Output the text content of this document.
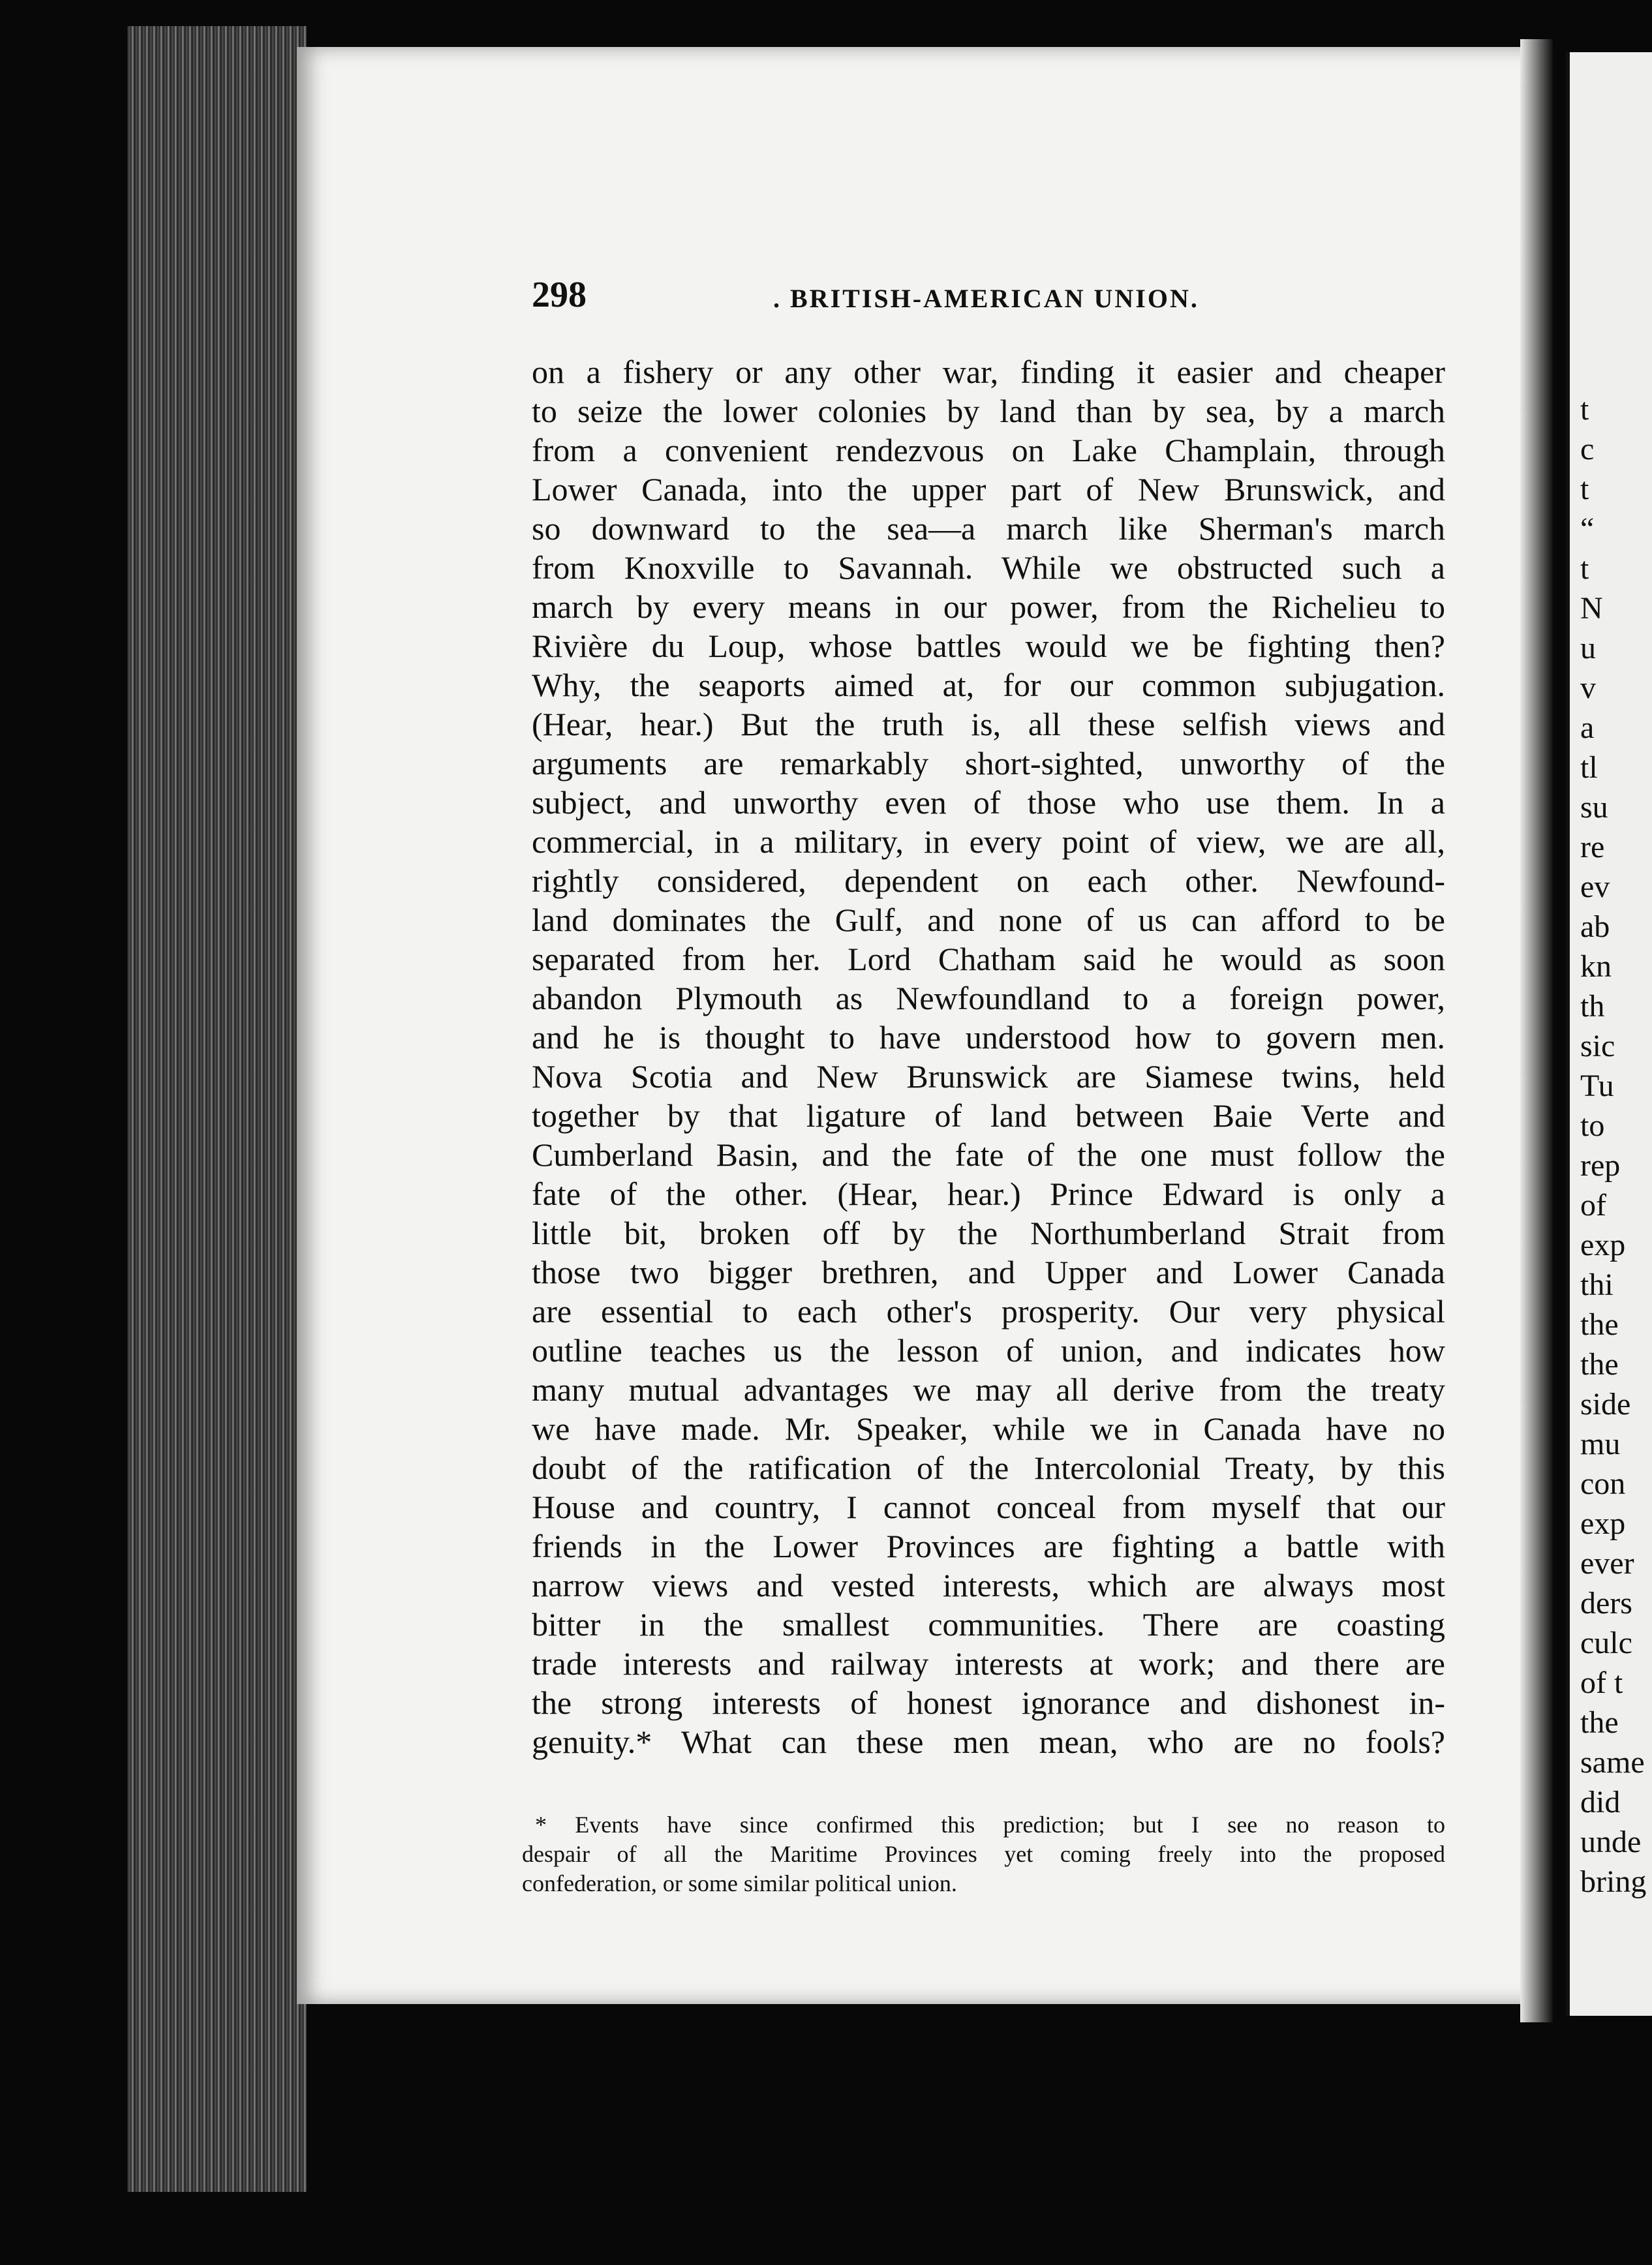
t
c
t
“
t
N
u
v
a
tl
su
re
ev
ab
kn
th
sic
Tu
to
rep
of
exp
thi
the
the
side
mu
con
exp
ever
ders
culc
of t
the
same
did
unde
bring
298	. BRITISH-AMERICAN UNION.
on a fishery or any other war, finding it easier and cheaper
to seize the lower colonies by land than by sea, by a march
from a convenient rendezvous on Lake Champlain, through
Lower Canada, into the upper part of New Brunswick, and
so downward to the sea—a march like Sherman's march
from Knoxville to Savannah. While we obstructed such a
march by every means in our power, from the Richelieu to
Rivière du Loup, whose battles would we be fighting then?
Why, the seaports aimed at, for our common subjugation.
(Hear, hear.) But the truth is, all these selfish views and
arguments are remarkably short-sighted, unworthy of the
subject, and unworthy even of those who use them. In a
commercial, in a military, in every point of view, we are all,
rightly considered, dependent on each other. Newfound-
land dominates the Gulf, and none of us can afford to be
separated from her. Lord Chatham said he would as soon
abandon Plymouth as Newfoundland to a foreign power,
and he is thought to have understood how to govern men.
Nova Scotia and New Brunswick are Siamese twins, held
together by that ligature of land between Baie Verte and
Cumberland Basin, and the fate of the one must follow the
fate of the other. (Hear, hear.) Prince Edward is only a
little bit, broken off by the Northumberland Strait from
those two bigger brethren, and Upper and Lower Canada
are essential to each other's prosperity. Our very physical
outline teaches us the lesson of union, and indicates how
many mutual advantages we may all derive from the treaty
we have made. Mr. Speaker, while we in Canada have no
doubt of the ratification of the Intercolonial Treaty, by this
House and country, I cannot conceal from myself that our
friends in the Lower Provinces are fighting a battle with
narrow views and vested interests, which are always most
bitter in the smallest communities. There are coasting
trade interests and railway interests at work; and there are
the strong interests of honest ignorance and dishonest in-
genuity.* What can these men mean, who are no fools?
* Events have since confirmed this prediction; but I see no reason to
despair of all the Maritime Provinces yet coming freely into the proposed
confederation, or some similar political union.
